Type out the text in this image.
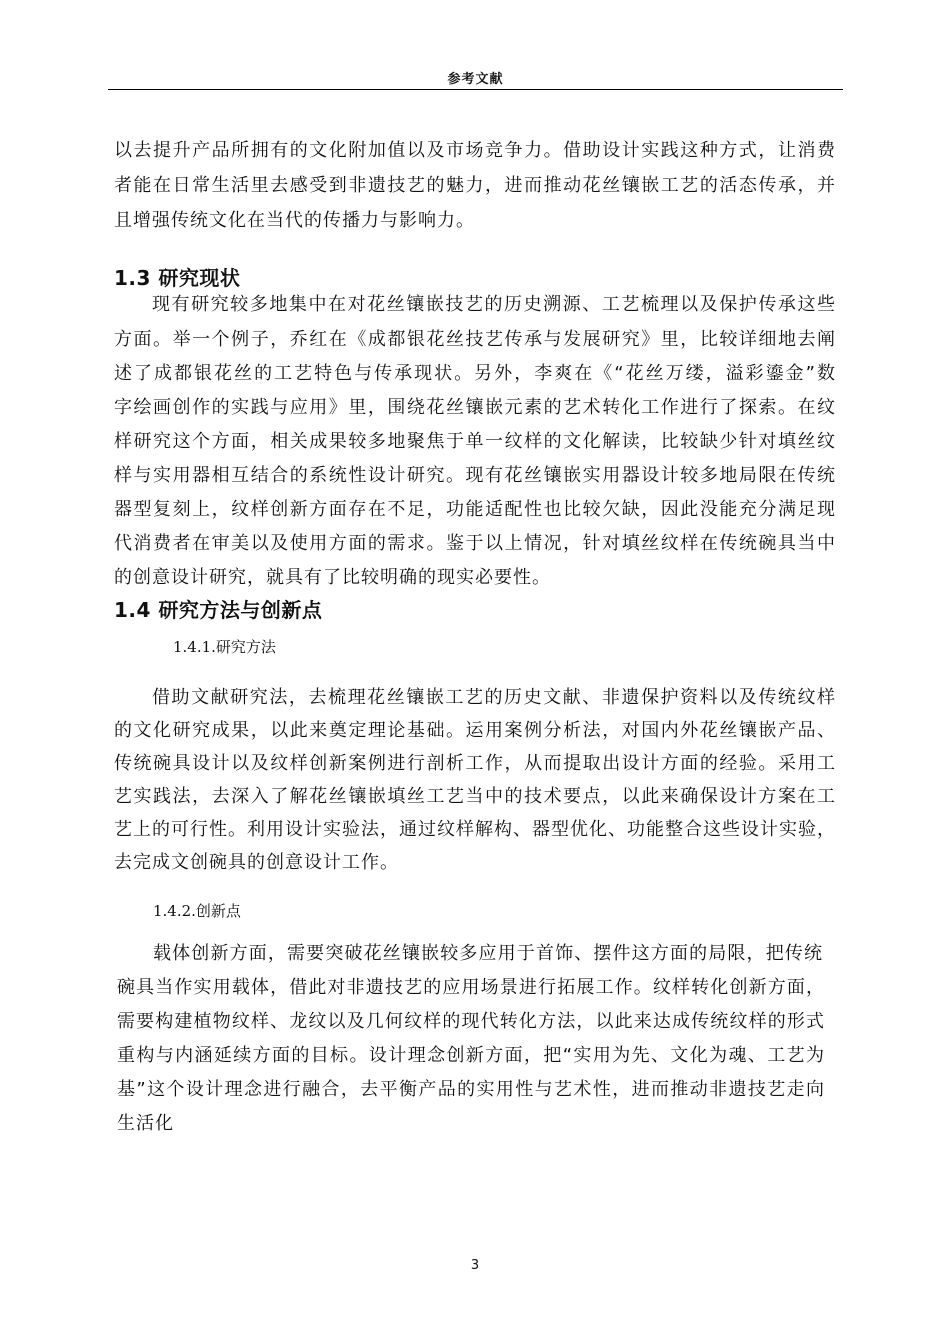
参考文献
以去提升产品所拥有的文化附加值以及市场竞争力。借助设计实践这种方式，让消费
者能在日常生活里去感受到非遗技艺的魅力，进而推动花丝镶嵌工艺的活态传承，并
且增强传统文化在当代的传播力与影响力。
1.3 研究现状
现有研究较多地集中在对花丝镶嵌技艺的历史溯源、工艺梳理以及保护传承这些
方面。举一个例子，乔红在《成都银花丝技艺传承与发展研究》里，比较详细地去阐
述了成都银花丝的工艺特色与传承现状。另外，李爽在《“花丝万缕，溢彩鎏金”数
字绘画创作的实践与应用》里，围绕花丝镶嵌元素的艺术转化工作进行了探索。在纹
样研究这个方面，相关成果较多地聚焦于单一纹样的文化解读，比较缺少针对填丝纹
样与实用器相互结合的系统性设计研究。现有花丝镶嵌实用器设计较多地局限在传统
器型复刻上，纹样创新方面存在不足，功能适配性也比较欠缺，因此没能充分满足现
代消费者在审美以及使用方面的需求。鉴于以上情况，针对填丝纹样在传统碗具当中
的创意设计研究，就具有了比较明确的现实必要性。
1.4 研究方法与创新点
1.4.1.研究方法
借助文献研究法，去梳理花丝镶嵌工艺的历史文献、非遗保护资料以及传统纹样
的文化研究成果，以此来奠定理论基础。运用案例分析法，对国内外花丝镶嵌产品、
传统碗具设计以及纹样创新案例进行剖析工作，从而提取出设计方面的经验。采用工
艺实践法，去深入了解花丝镶嵌填丝工艺当中的技术要点，以此来确保设计方案在工
艺上的可行性。利用设计实验法，通过纹样解构、器型优化、功能整合这些设计实验，
去完成文创碗具的创意设计工作。
1.4.2.创新点
载体创新方面，需要突破花丝镶嵌较多应用于首饰、摆件这方面的局限，把传统
碗具当作实用载体，借此对非遗技艺的应用场景进行拓展工作。纹样转化创新方面，
需要构建植物纹样、龙纹以及几何纹样的现代转化方法，以此来达成传统纹样的形式
重构与内涵延续方面的目标。设计理念创新方面，把“实用为先、文化为魂、工艺为
基”这个设计理念进行融合，去平衡产品的实用性与艺术性，进而推动非遗技艺走向
生活化
3
